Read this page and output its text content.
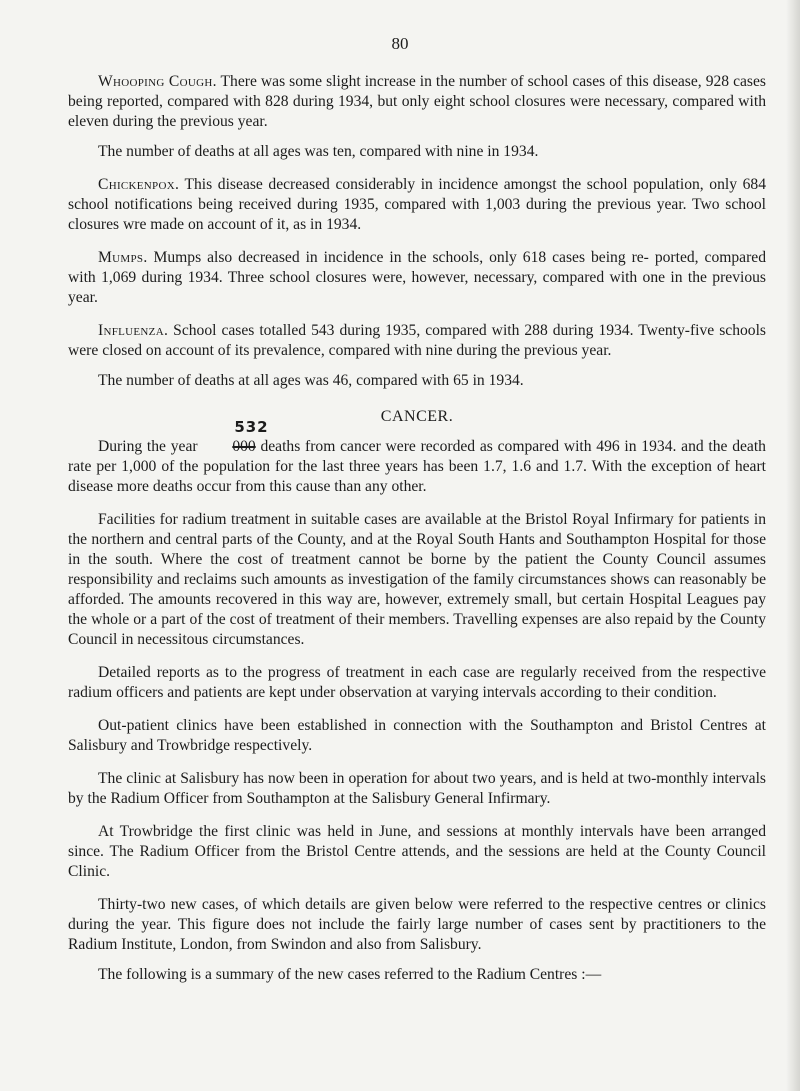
80

Whooping Cough. There was some slight increase in the number of school cases of this disease, 928 cases being reported, compared with 828 during 1934, but only eight school closures were necessary, compared with eleven during the previous year.

The number of deaths at all ages was ten, compared with nine in 1934.

Chickenpox. This disease decreased considerably in incidence amongst the school population, only 684 school notifications being received during 1935, compared with 1,003 during the previous year. Two school closures wre made on account of it, as in 1934.

Mumps. Mumps also decreased in incidence in the schools, only 618 cases being re- ported, compared with 1,069 during 1934. Three school closures were, however, necessary, compared with one in the previous year.

Influenza. School cases totalled 543 during 1935, compared with 288 during 1934. Twenty-five schools were closed on account of its prevalence, compared with nine during the previous year.

The number of deaths at all ages was 46, compared with 65 in 1934.

CANCER.

During the year 000
532
deaths from cancer were recorded as compared with 496 in 1934. and the death rate per 1,000 of the population for the last three years has been 1.7, 1.6 and 1.7. With the exception of heart disease more deaths occur from this cause than any other.

Facilities for radium treatment in suitable cases are available at the Bristol Royal Infirmary for patients in the northern and central parts of the County, and at the Royal South Hants and Southampton Hospital for those in the south. Where the cost of treatment cannot be borne by the patient the County Council assumes responsibility and reclaims such amounts as investigation of the family circumstances shows can reasonably be afforded. The amounts recovered in this way are, however, extremely small, but certain Hospital Leagues pay the whole or a part of the cost of treatment of their members. Travelling expenses are also repaid by the County Council in necessitous circumstances.

Detailed reports as to the progress of treatment in each case are regularly received from the respective radium officers and patients are kept under observation at varying intervals according to their condition.

Out-patient clinics have been established in connection with the Southampton and Bristol Centres at Salisbury and Trowbridge respectively.

The clinic at Salisbury has now been in operation for about two years, and is held at two-monthly intervals by the Radium Officer from Southampton at the Salisbury General Infirmary.

At Trowbridge the first clinic was held in June, and sessions at monthly intervals have been arranged since. The Radium Officer from the Bristol Centre attends, and the sessions are held at the County Council Clinic.

Thirty-two new cases, of which details are given below were referred to the respective centres or clinics during the year. This figure does not include the fairly large number of cases sent by practitioners to the Radium Institute, London, from Swindon and also from Salisbury.

The following is a summary of the new cases referred to the Radium Centres :—
